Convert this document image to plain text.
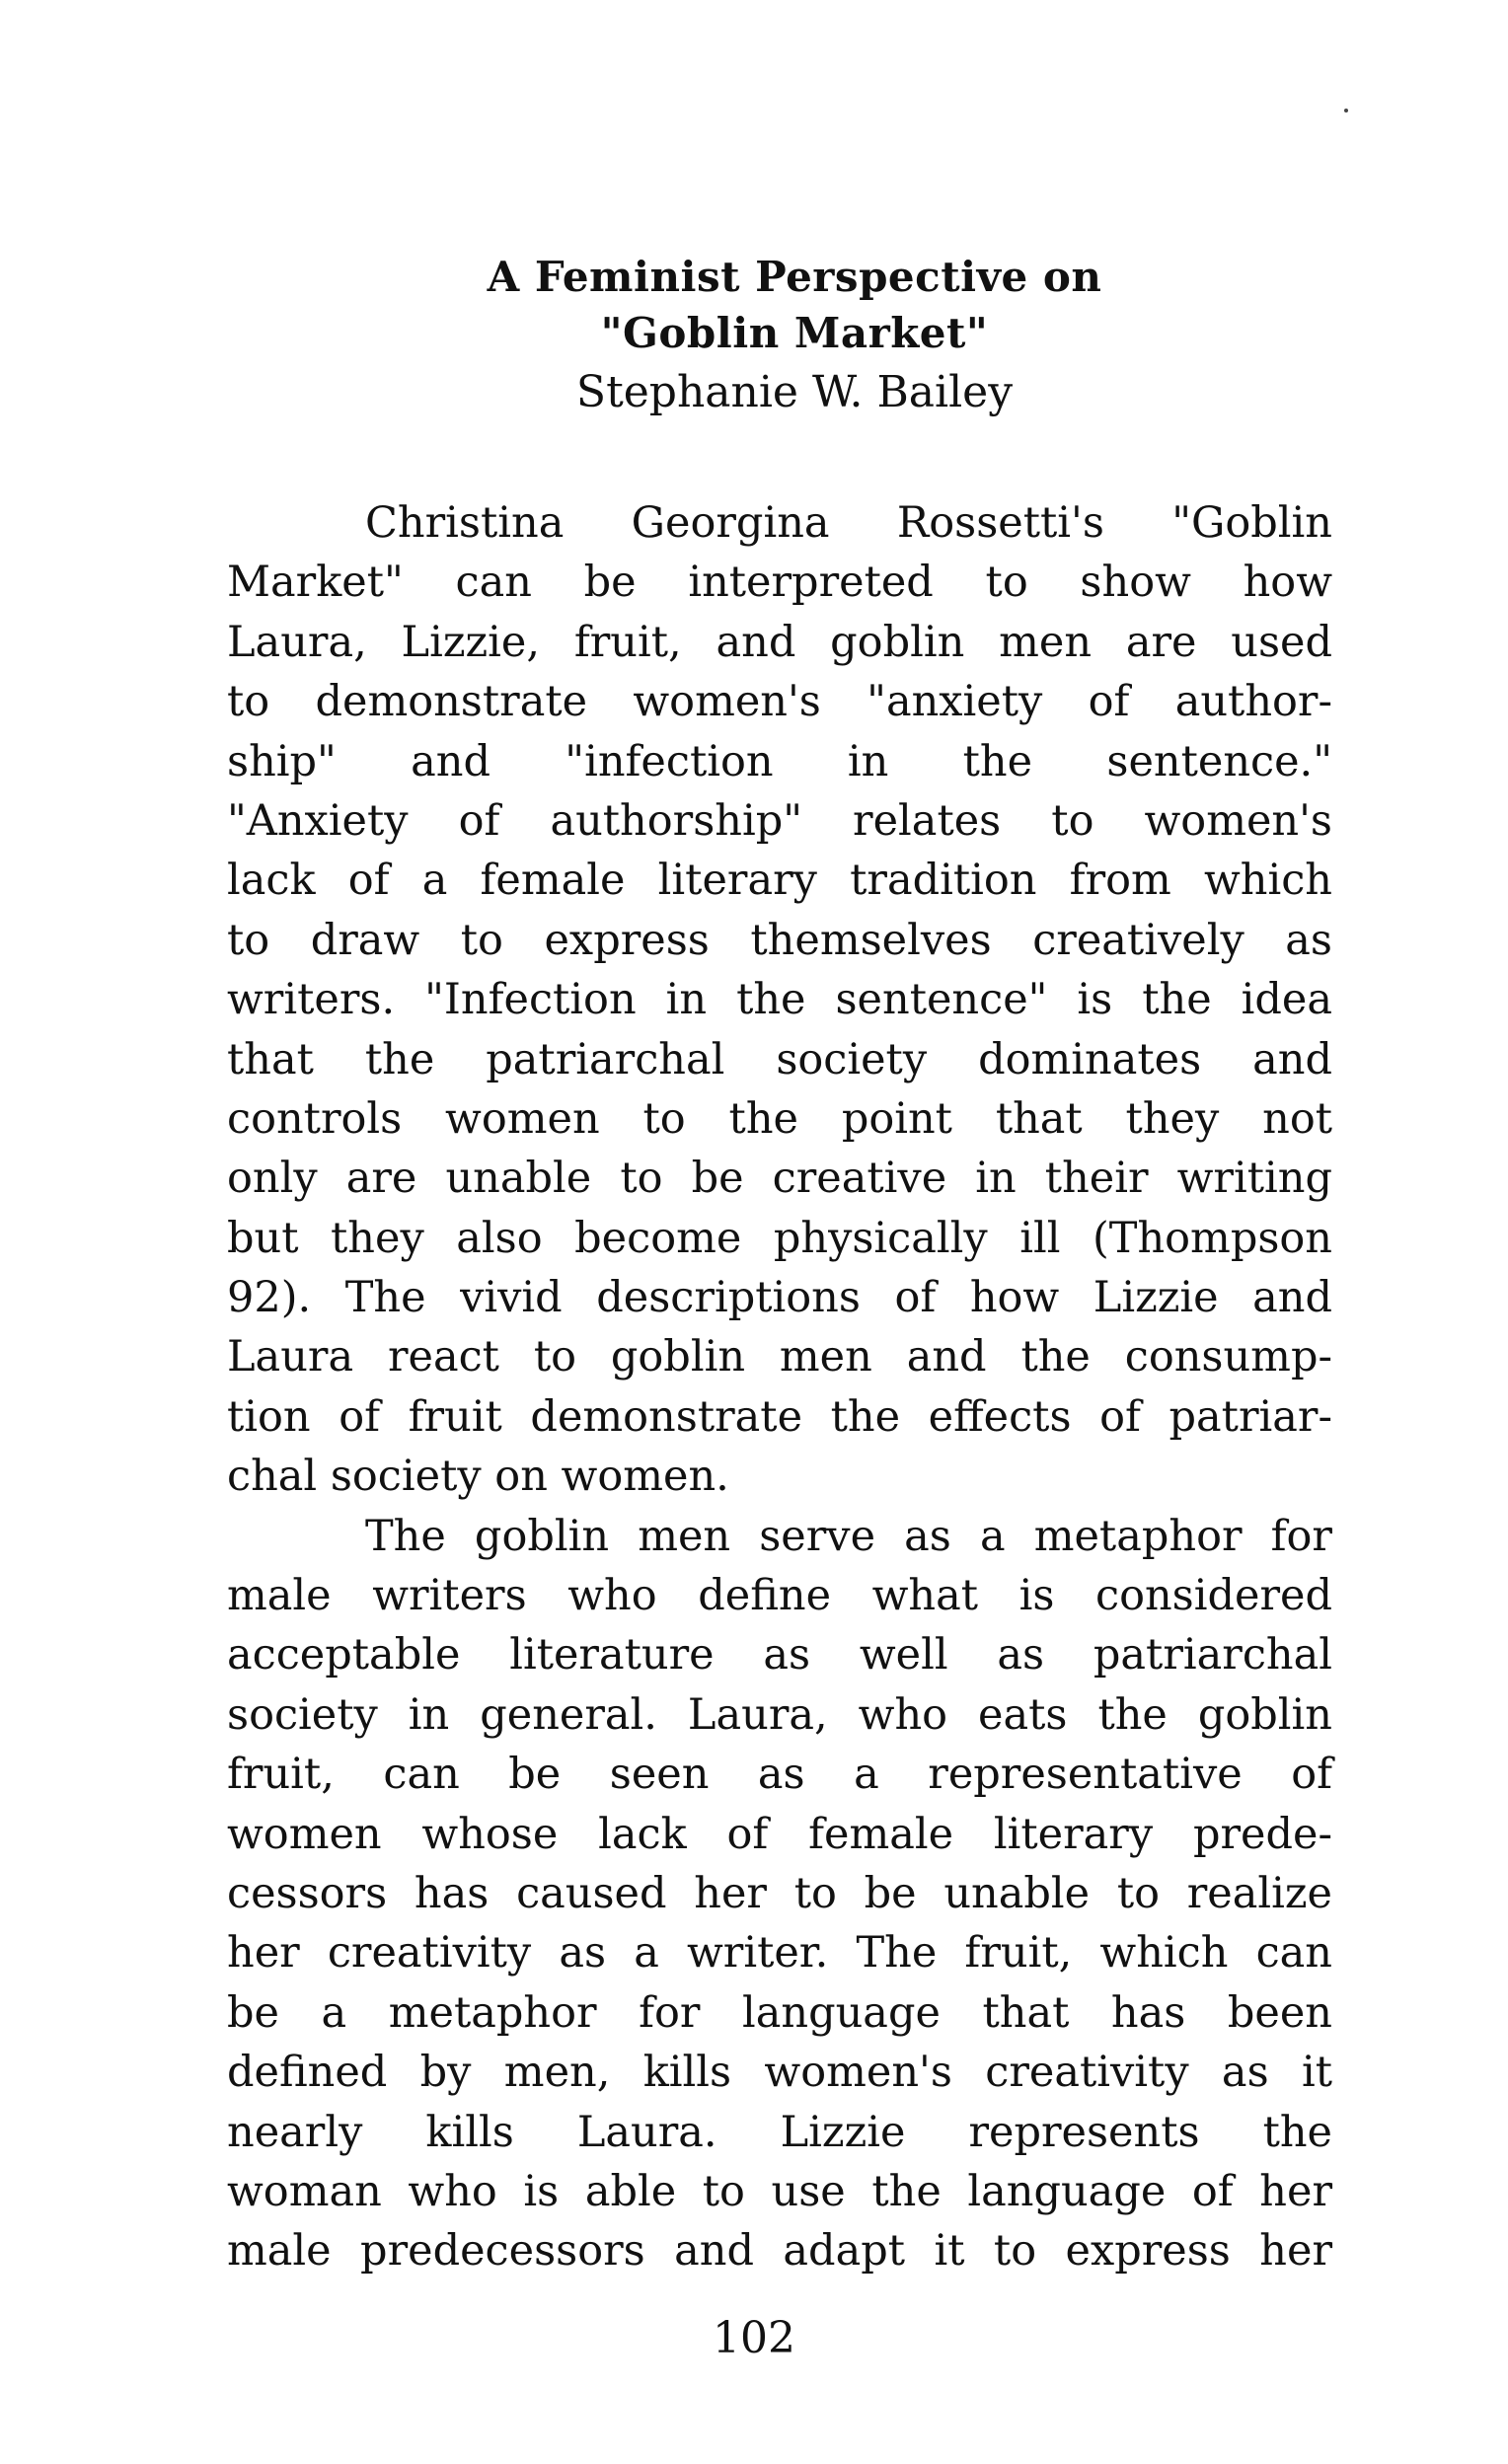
A Feminist Perspective on
"Goblin Market"
Stephanie W. Bailey
Christina Georgina Rossetti's "Goblin
Market" can be interpreted to show how
Laura, Lizzie, fruit, and goblin men are used
to demonstrate women's "anxiety of author-
ship" and "infection in the sentence."
"Anxiety of authorship" relates to women's
lack of a female literary tradition from which
to draw to express themselves creatively as
writers. "Infection in the sentence" is the idea
that the patriarchal society dominates and
controls women to the point that they not
only are unable to be creative in their writing
but they also become physically ill (Thompson
92). The vivid descriptions of how Lizzie and
Laura react to goblin men and the consump-
tion of fruit demonstrate the effects of patriar-
chal society on women.
The goblin men serve as a metaphor for
male writers who define what is considered
acceptable literature as well as patriarchal
society in general. Laura, who eats the goblin
fruit, can be seen as a representative of
women whose lack of female literary prede-
cessors has caused her to be unable to realize
her creativity as a writer. The fruit, which can
be a metaphor for language that has been
defined by men, kills women's creativity as it
nearly kills Laura. Lizzie represents the
woman who is able to use the language of her
male predecessors and adapt it to express her
102
